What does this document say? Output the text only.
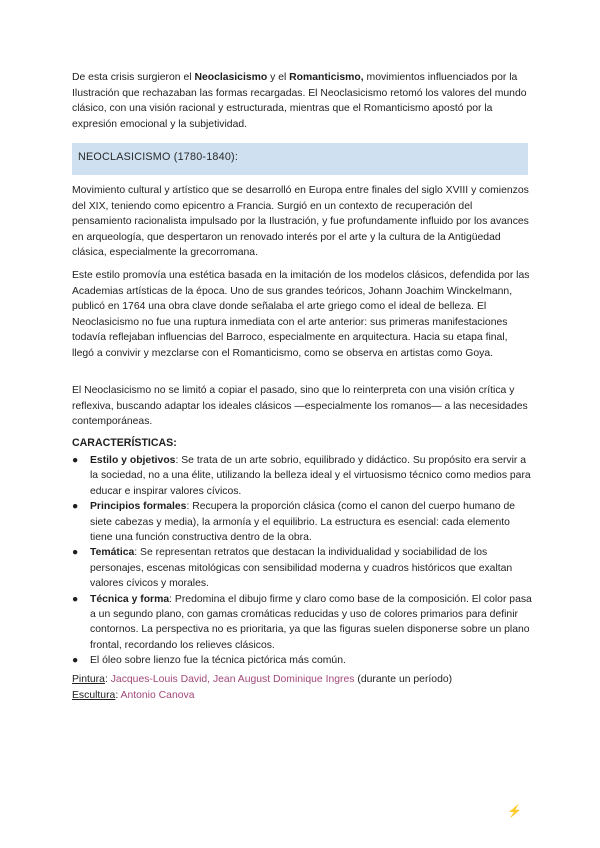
De esta crisis surgieron el Neoclasicismo y el Romanticismo, movimientos influenciados por la Ilustración que rechazaban las formas recargadas. El Neoclasicismo retomó los valores del mundo clásico, con una visión racional y estructurada, mientras que el Romanticismo apostó por la expresión emocional y la subjetividad.

Movimiento cultural y artístico que se desarrolló en Europa entre finales del siglo XVIII y comienzos del XIX, teniendo como epicentro a Francia. Surgió en un contexto de recuperación del pensamiento racionalista impulsado por la Ilustración, y fue profundamente influido por los avances en arqueología, que despertaron un renovado interés por el arte y la cultura de la Antigüedad clásica, especialmente la grecorromana.

Este estilo promovía una estética basada en la imitación de los modelos clásicos, defendida por las Academias artísticas de la época. Uno de sus grandes teóricos, Johann Joachim Winckelmann, publicó en 1764 una obra clave donde señalaba el arte griego como el ideal de belleza. El Neoclasicismo no fue una ruptura inmediata con el arte anterior: sus primeras manifestaciones todavía reflejaban influencias del Barroco, especialmente en arquitectura. Hacia su etapa final, llegó a convivir y mezclarse con el Romanticismo, como se observa en artistas como Goya.

El Neoclasicismo no se limitó a copiar el pasado, sino que lo reinterpreta con una visión crítica y reflexiva, buscando adaptar los ideales clásicos —especialmente los romanos— a las necesidades contemporáneas.

CARACTERÍSTICAS:
● Estilo y objetivos: Se trata de un arte sobrio, equilibrado y didáctico. Su propósito era servir a la sociedad, no a una élite, utilizando la belleza ideal y el virtuosismo técnico como medios para educar e inspirar valores cívicos.
● Principios formales: Recupera la proporción clásica (como el canon del cuerpo humano de siete cabezas y media), la armonía y el equilibrio. La estructura es esencial: cada elemento tiene una función constructiva dentro de la obra.
● Temática: Se representan retratos que destacan la individualidad y sociabilidad de los personajes, escenas mitológicas con sensibilidad moderna y cuadros históricos que exaltan valores cívicos y morales.
● Técnica y forma: Predomina el dibujo firme y claro como base de la composición. El color pasa a un segundo plano, con gamas cromáticas reducidas y uso de colores primarios para definir contornos. La perspectiva no es prioritaria, ya que las figuras suelen disponerse sobre un plano frontal, recordando los relieves clásicos.
● El óleo sobre lienzo fue la técnica pictórica más común.

Pintura: Jacques-Louis David, Jean August Dominique Ingres (durante un período)

Escultura: Antonio Canova

NEOCLASICISMO (1780-1840):
⚡
